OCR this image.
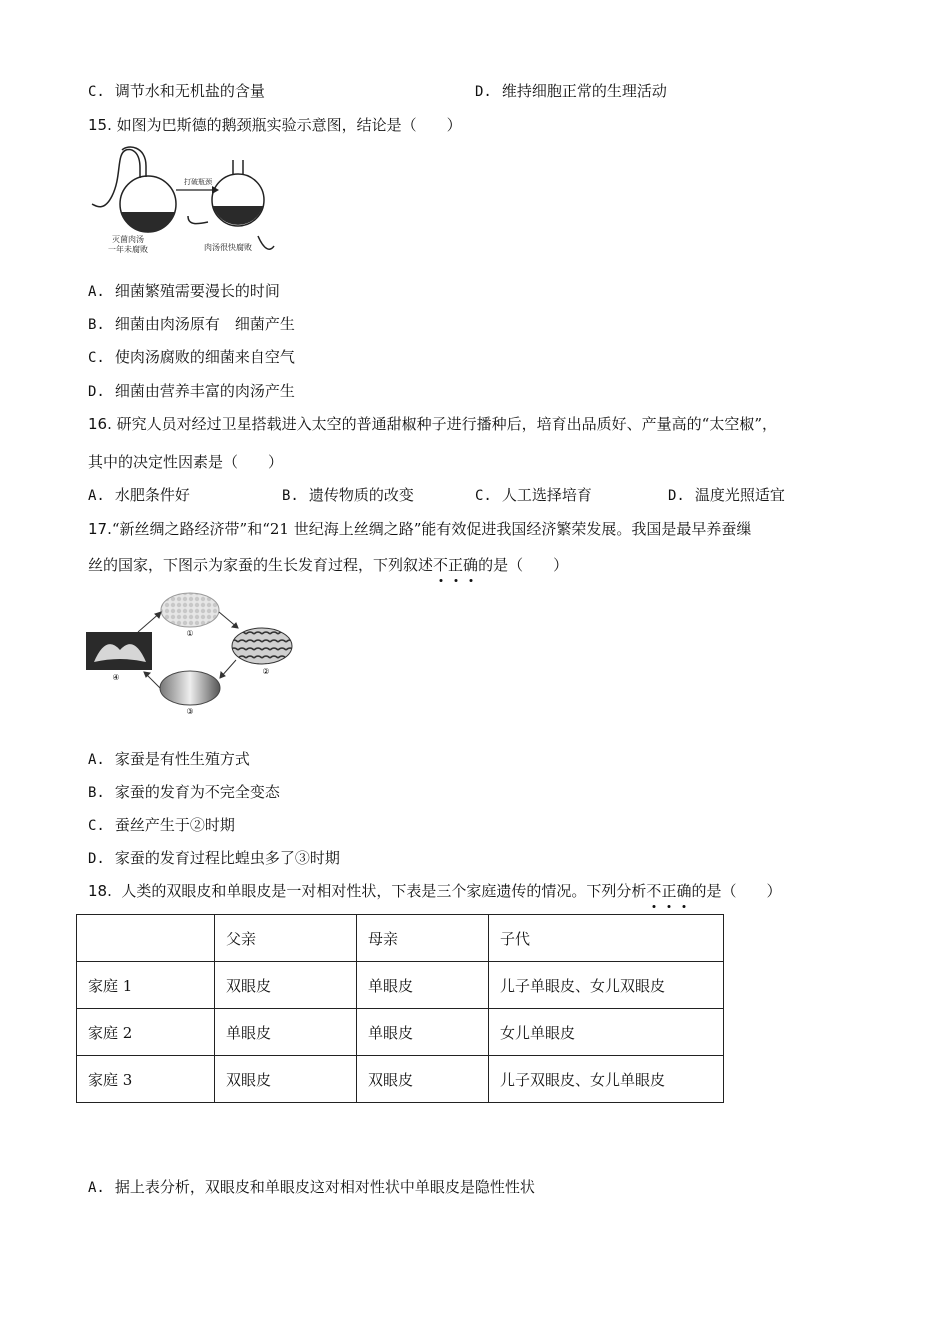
C. 调节水和无机盐的含量	D. 维持细胞正常的生理活动
15. 如图为巴斯德的鹅颈瓶实验示意图，结论是（　　）
打破瓶颈
灭菌肉汤
一年未腐败	肉汤很快腐败
A. 细菌繁殖需要漫长的时间
B. 细菌由肉汤原有　细菌产生
C. 使肉汤腐败的细菌来自空气
D. 细菌由营养丰富的肉汤产生
16. 研究人员对经过卫星搭载进入太空的普通甜椒种子进行播种后，培育出品质好、产量高的“太空椒”，
其中的决定性因素是（　　）
A. 水肥条件好	B. 遗传物质的改变	C. 人工选择培育	D. 温度光照适宜
17.“新丝绸之路经济带”和“21 世纪海上丝绸之路”能有效促进我国经济繁荣发展。我国是最早养蚕缫
丝的国家，下图示为家蚕的生长发育过程，下列叙述不正确的是（　　）
①
②
③
④
A. 家蚕是有性生殖方式
B. 家蚕的发育为不完全变态
C. 蚕丝产生于②时期
D. 家蚕的发育过程比蝗虫多了③时期
18. 人类的双眼皮和单眼皮是一对相对性状，下表是三个家庭遗传的情况。下列分析不正确的是（　　）
	父亲	母亲	子代
家庭 1	双眼皮	单眼皮	儿子单眼皮、女儿双眼皮
家庭 2	单眼皮	单眼皮	女儿单眼皮
家庭 3	双眼皮	双眼皮	儿子双眼皮、女儿单眼皮
A. 据上表分析，双眼皮和单眼皮这对相对性状中单眼皮是隐性性状
